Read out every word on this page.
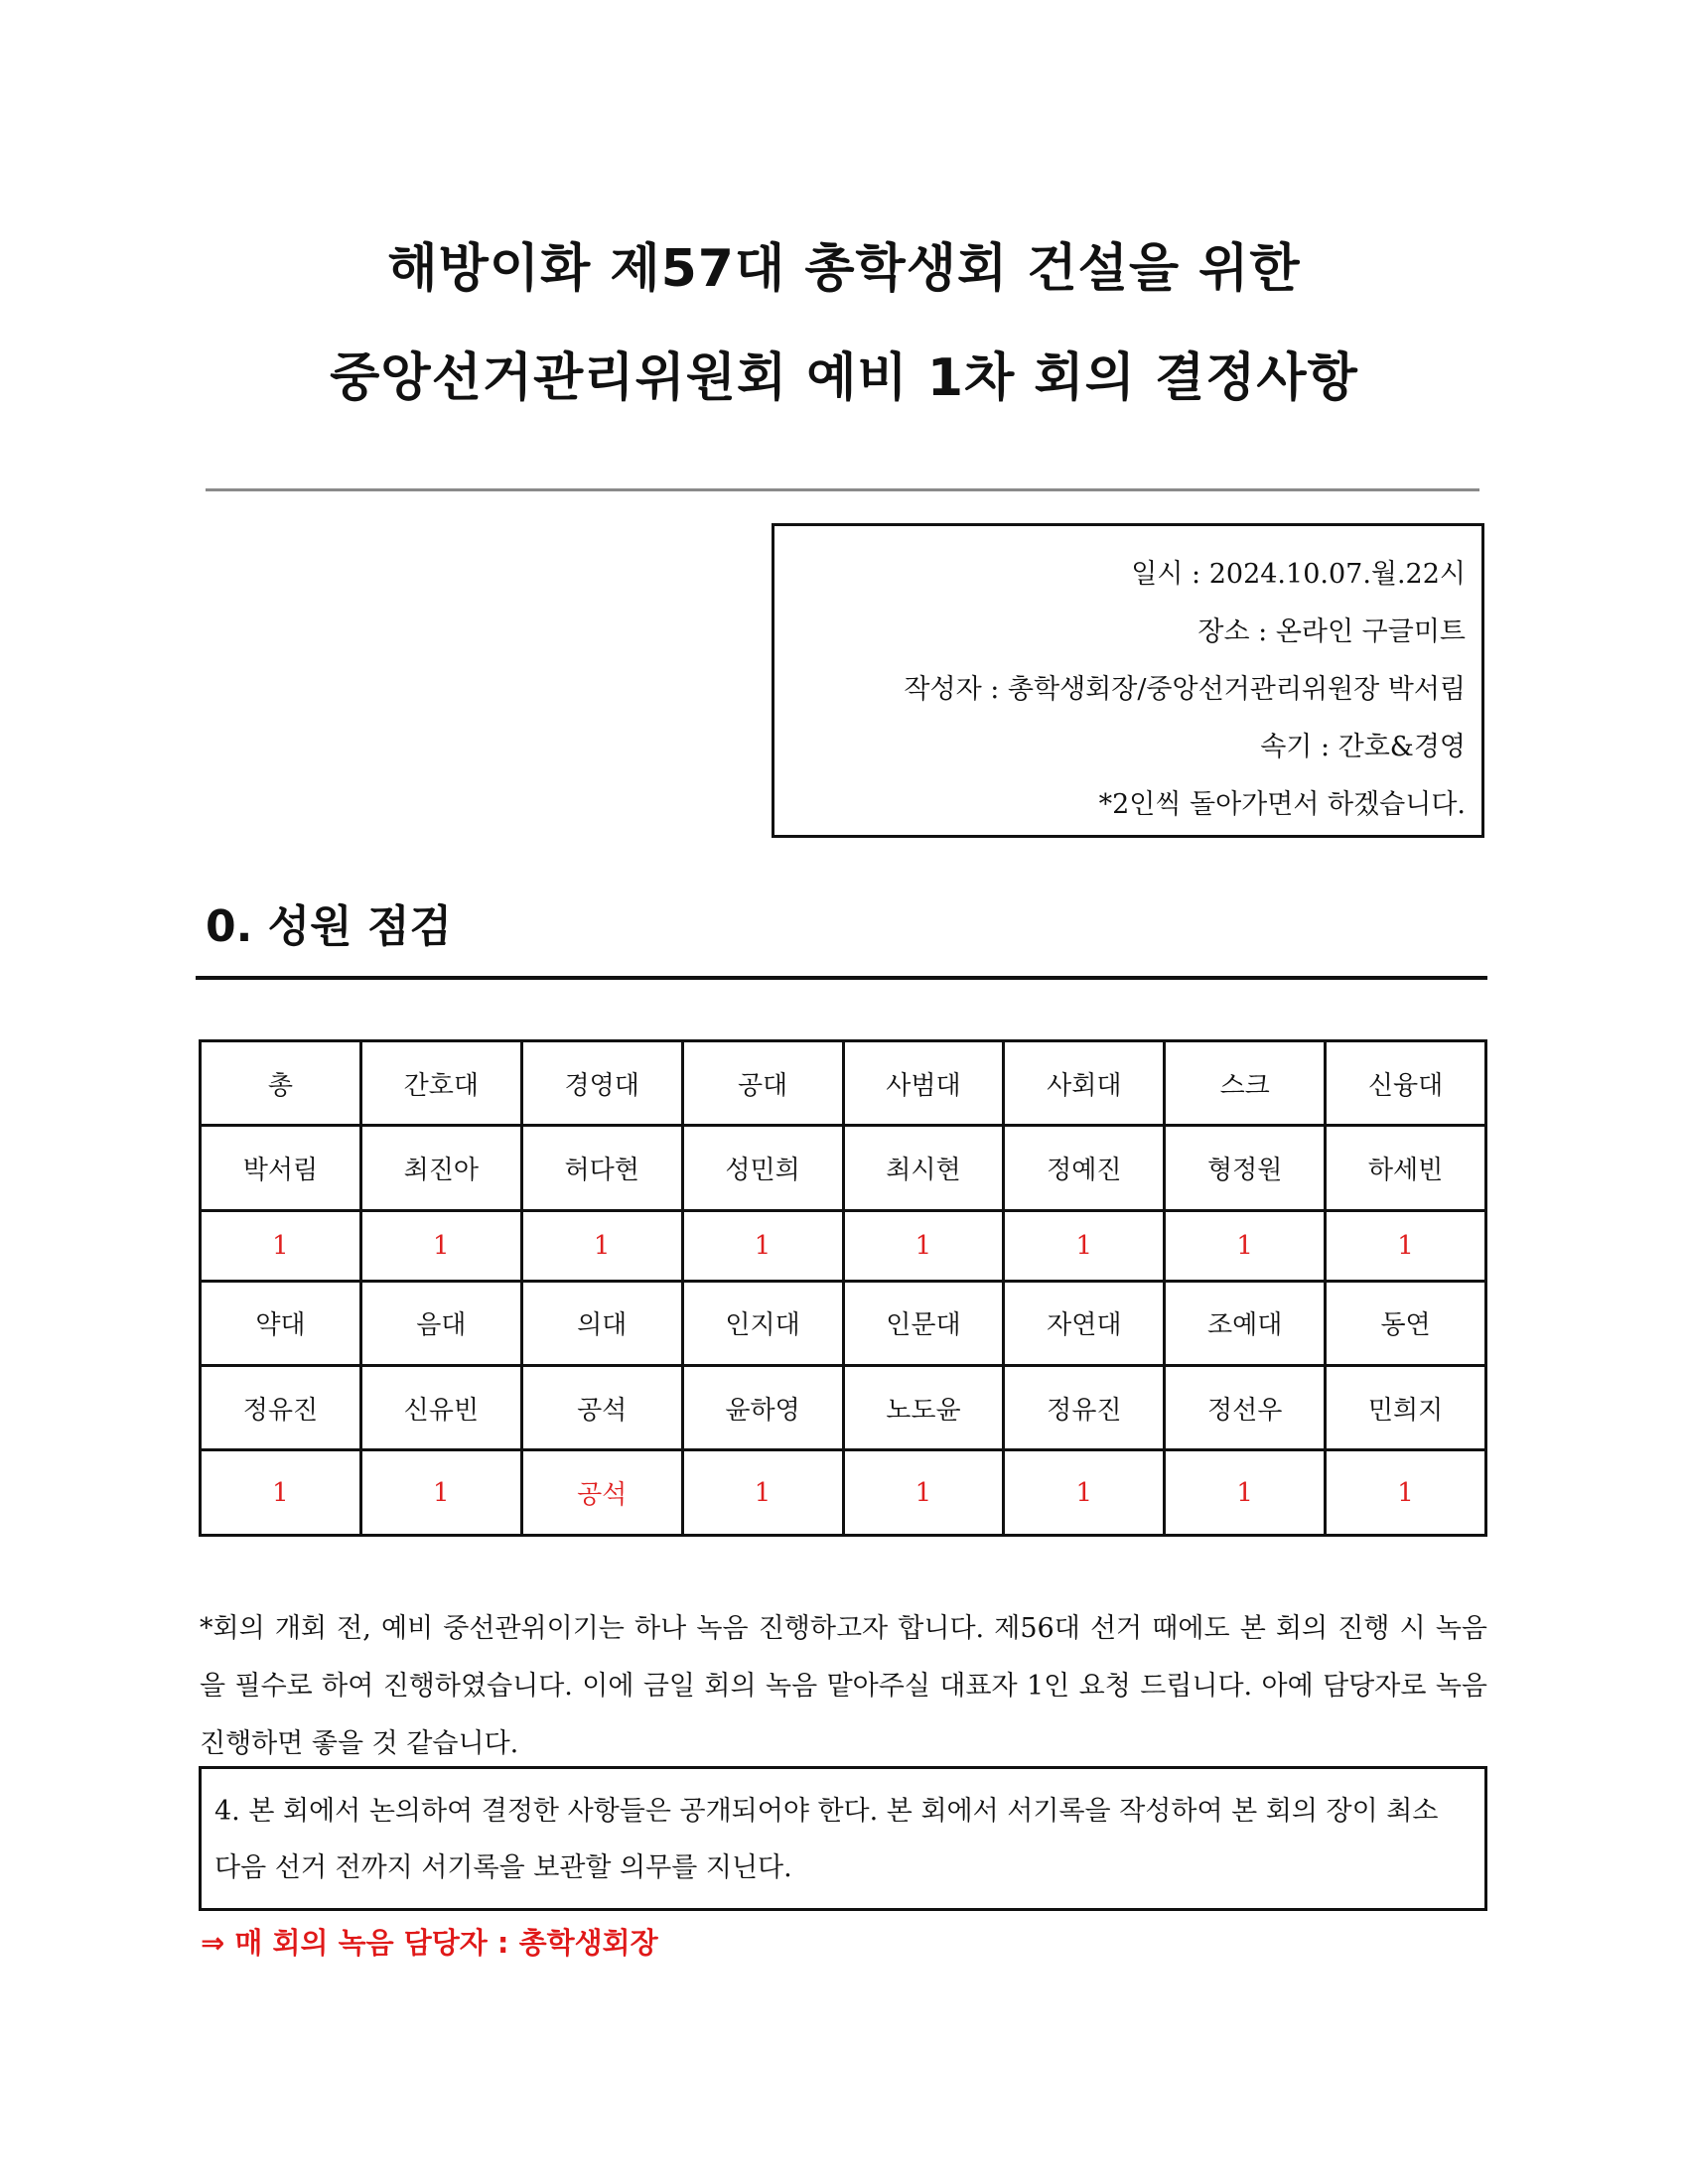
해방이화 제57대 총학생회 건설을 위한
중앙선거관리위원회 예비 1차 회의 결정사항
일시 : 2024.10.07.월.22시
장소 : 온라인 구글미트
작성자 : 총학생회장/중앙선거관리위원장 박서림
속기 : 간호&경영
*2인씩 돌아가면서 하겠습니다.
0. 성원 점검
총	간호대	경영대	공대	사범대	사회대	스크	신융대
박서림	최진아	허다현	성민희	최시현	정예진	형정원	하세빈
1	1	1	1	1	1	1	1
약대	음대	의대	인지대	인문대	자연대	조예대	동연
정유진	신유빈	공석	윤하영	노도윤	정유진	정선우	민희지
1	1	공석	1	1	1	1	1
*회의 개회 전, 예비 중선관위이기는 하나 녹음 진행하고자 합니다. 제56대 선거 때에도 본 회의 진행 시 녹음을 필수로 하여 진행하였습니다. 이에 금일 회의 녹음 맡아주실 대표자 1인 요청 드립니다. 아예 담당자로 녹음 진행하면 좋을 것 같습니다.
4. 본 회에서 논의하여 결정한 사항들은 공개되어야 한다. 본 회에서 서기록을 작성하여 본 회의 장이 최소 다음 선거 전까지 서기록을 보관할 의무를 지닌다.
⇒ 매 회의 녹음 담당자 : 총학생회장
